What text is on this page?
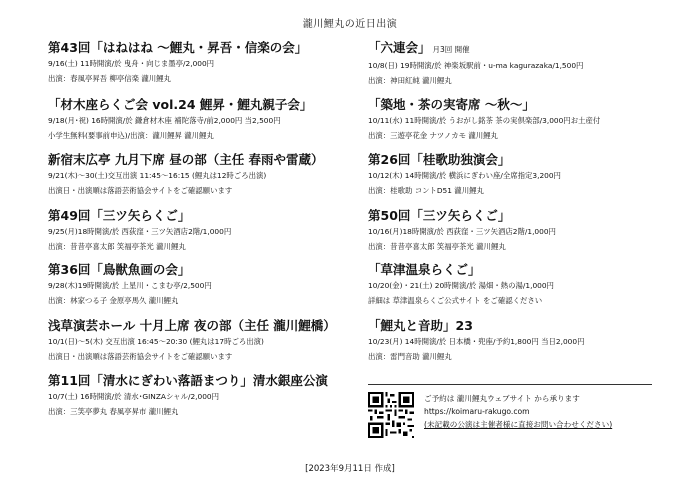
瀧川鯉丸の近日出演
第43回「はねはね ～鯉丸・昇吾・信楽の会」
9/16(土) 11時開演/於 曳舟・向じま墨亭/2,000円
出演：春風亭昇吾 柳亭信楽 瀧川鯉丸
「材木座らくご会 vol.24 鯉昇・鯉丸親子会」
9/18(月･祝) 16時開演/於 鎌倉材木座 補陀落寺/前2,000円 当2,500円
小学生無料(要事前申込)/出演：瀧川鯉昇 瀧川鯉丸
新宿末広亭 九月下席 昼の部（主任 春雨や雷蔵）
9/21(木)～30(土)交互出演 11:45～16:15 (鯉丸は12時ごろ出演)
出演日・出演順は落語芸術協会サイトをご確認願います
第49回「三ツ矢らくご」
9/25(月)18時開演/於 西荻窪・三ツ矢酒店2階/1,000円
出演：昔昔亭喜太郎 笑福亭茶光 瀧川鯉丸
第36回「鳥獣魚画の会」
9/28(木)19時開演/於 上星川・こまむ亭/2,500円
出演：林家つる子 金原亭馬久 瀧川鯉丸
浅草演芸ホール 十月上席 夜の部（主任 瀧川鯉橋）
10/1(日)～5(木) 交互出演 16:45～20:30 (鯉丸は17時ごろ出演)
出演日・出演順は落語芸術協会サイトをご確認願います
第11回「清水にぎわい落語まつり」清水銀座公演
10/7(土) 16時開演/於 清水･GINZAシャル/2,000円
出演：三笑亭夢丸 春風亭昇市 瀧川鯉丸
「六連会」 月3回 開催
10/8(日) 19時開演/於 神楽坂駅前・u-ma kagurazaka/1,500円
出演：神田紅純 瀧川鯉丸
「築地・茶の実寄席 ～秋～」
10/11(水) 11時開演/於 うおがし銘茶 茶の実倶楽部/3,000円お土産付
出演：三遊亭花金 ナツノカモ 瀧川鯉丸
第26回「桂歌助独演会」
10/12(木) 14時開演/於 横浜にぎわい座/全席指定3,200円
出演：桂歌助 コントD51 瀧川鯉丸
第50回「三ツ矢らくご」
10/16(月)18時開演/於 西荻窪・三ツ矢酒店2階/1,000円
出演：昔昔亭喜太郎 笑福亭茶光 瀧川鯉丸
「草津温泉らくご」
10/20(金)・21(土) 20時開演/於 湯畑・熱の湯/1,000円
詳細は 草津温泉らくご公式サイト をご確認ください
「鯉丸と音助」23
10/23(月) 14時開演/於 日本橋・兜座/予約1,800円 当日2,000円
出演：雷門音助 瀧川鯉丸
ご予約は 瀧川鯉丸ウェブサイト から承ります
https://koimaru-rakugo.com
(未記載の公演は主催者様に直接お問い合わせください)
[2023年9月11日 作成]
